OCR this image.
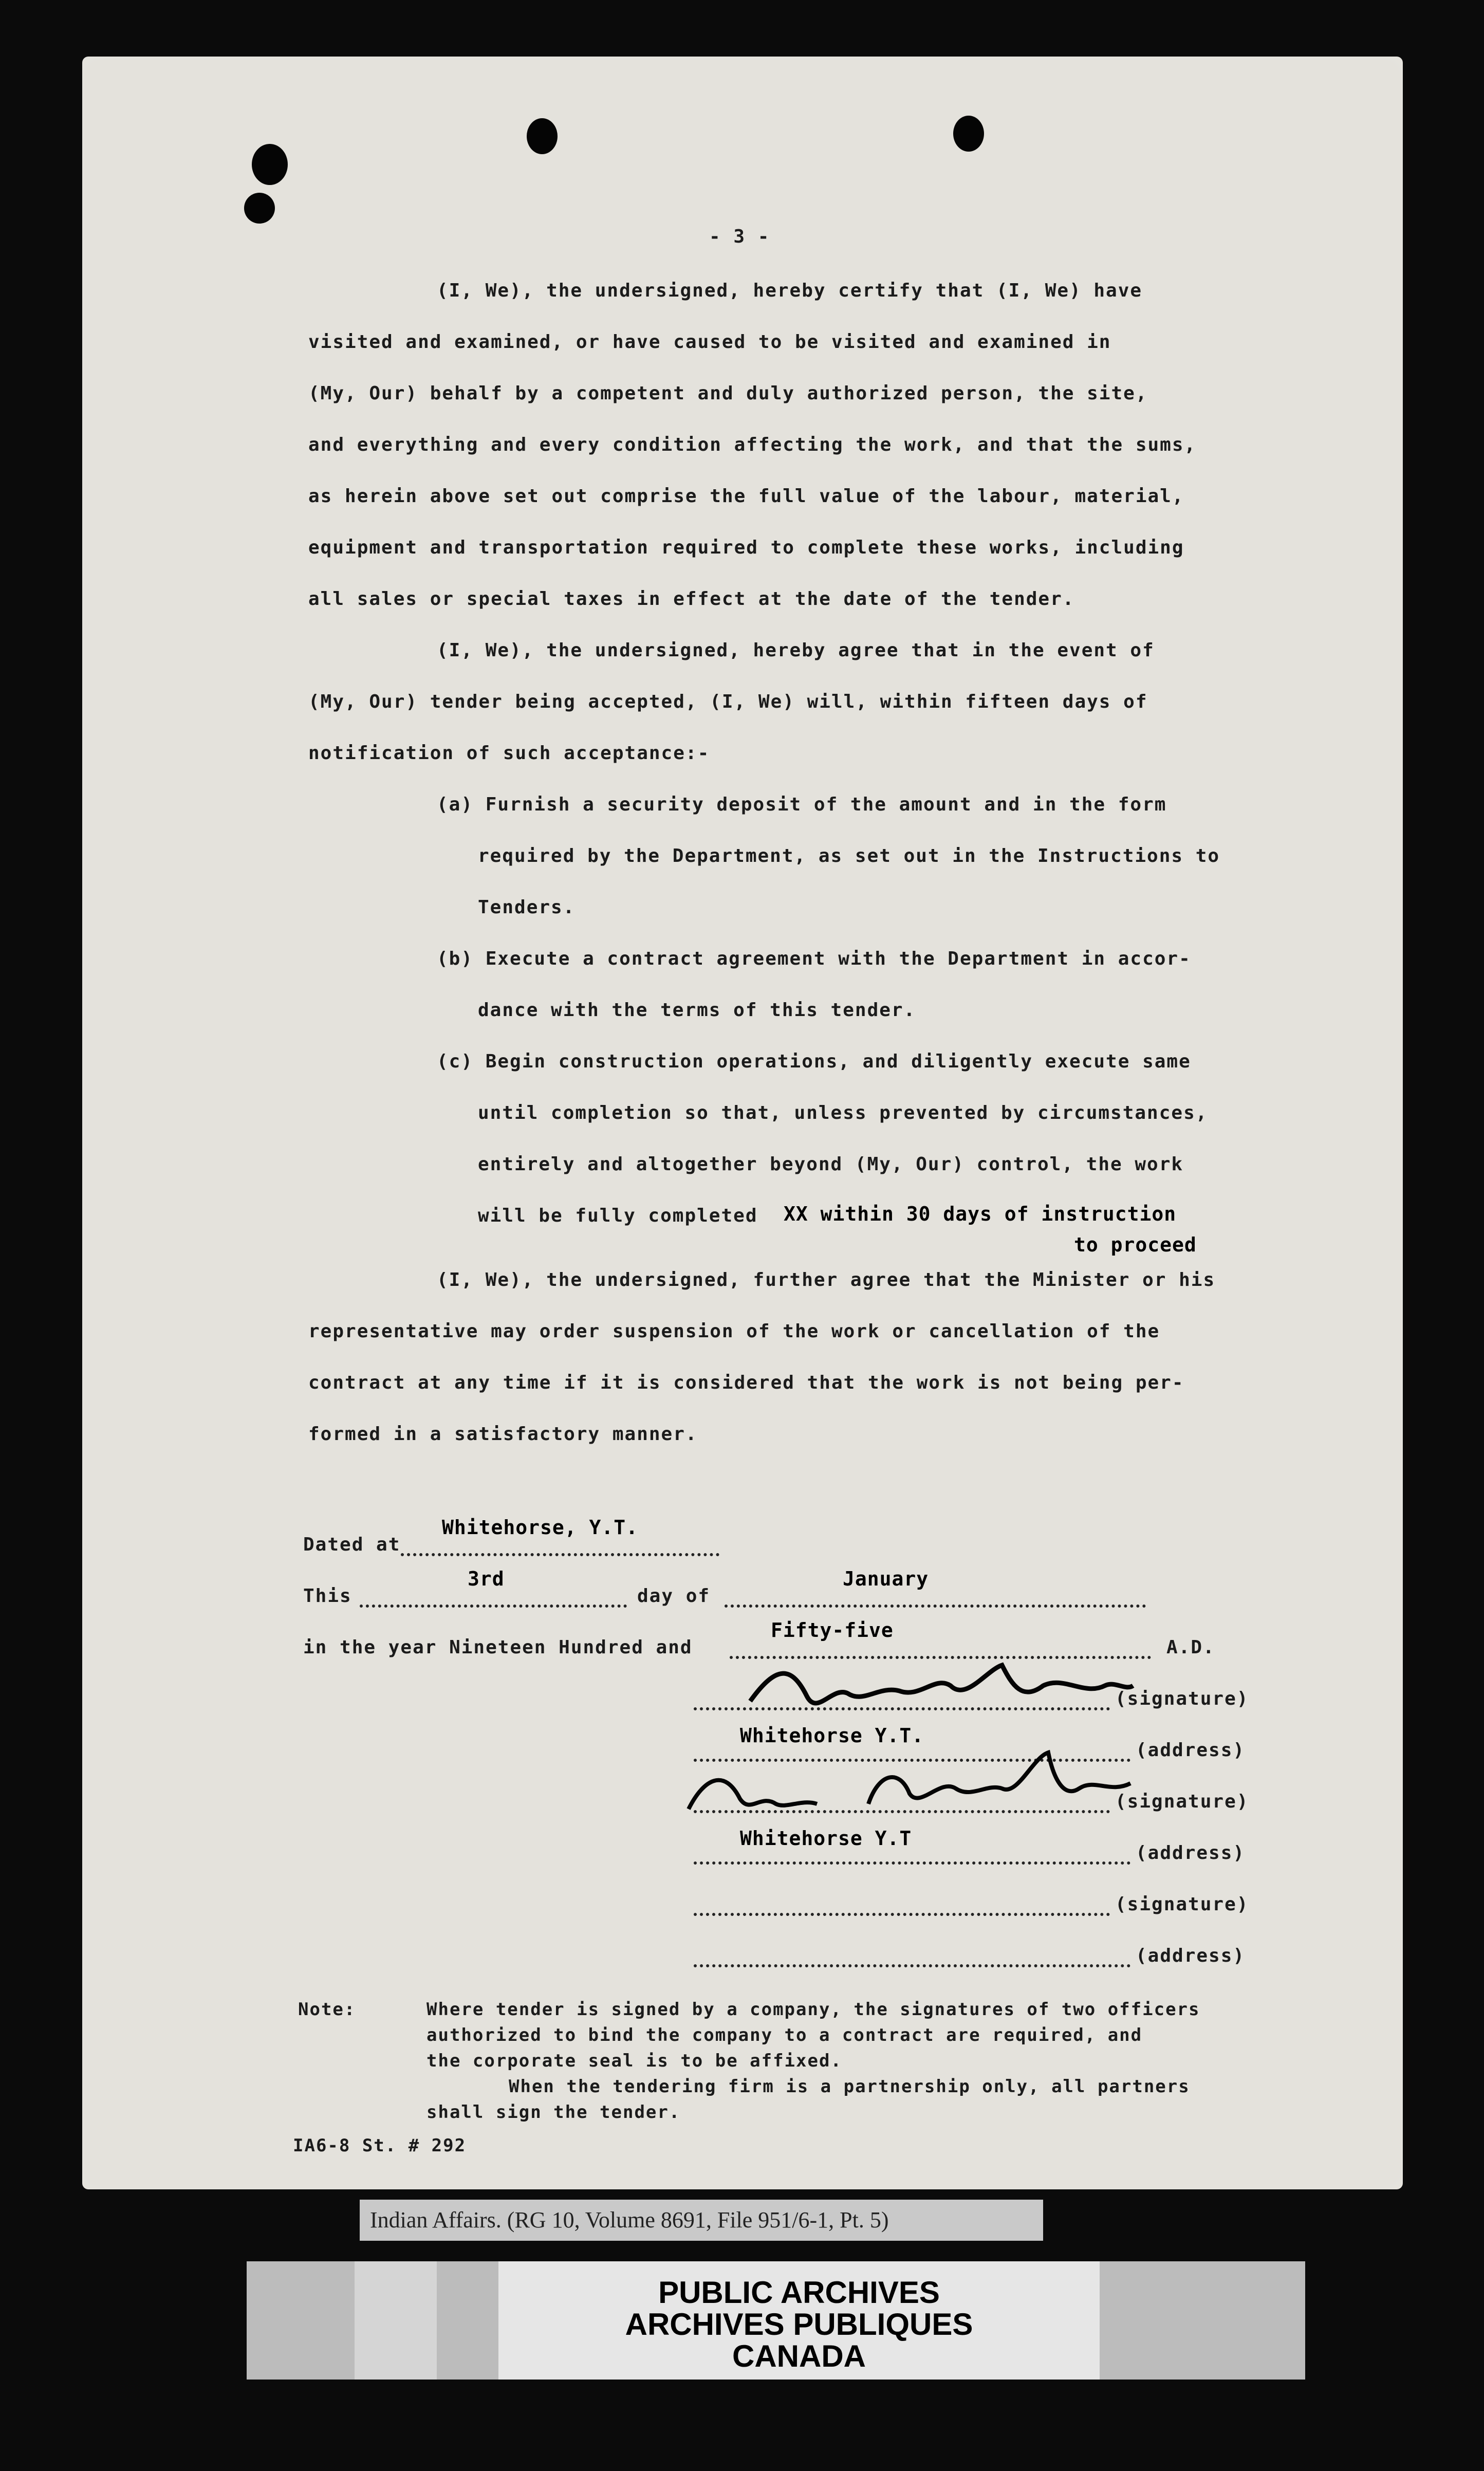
- 3 -
(I, We), the undersigned, hereby certify that (I, We) have
visited and examined, or have caused to be visited and examined in
(My, Our) behalf by a competent and duly authorized person, the site,
and everything and every condition affecting the work, and that the sums,
as herein above set out comprise the full value of the labour, material,
equipment and transportation required to complete these works, including
all sales or special taxes in effect at the date of the tender.
(I, We), the undersigned, hereby agree that in the event of
(My, Our) tender being accepted, (I, We) will, within fifteen days of
notification of such acceptance:-
(a) Furnish a security deposit of the amount and in the form
required by the Department, as set out in the Instructions to
Tenders.
(b) Execute a contract agreement with the Department in accor-
dance with the terms of this tender.
(c) Begin construction operations, and diligently execute same
until completion so that, unless prevented by circumstances,
entirely and altogether beyond (My, Our) control, the work
will be fully completed XX within 30 days of instruction
to proceed
(I, We), the undersigned, further agree that the Minister or his
representative may order suspension of the work or cancellation of the
contract at any time if it is considered that the work is not being per-
formed in a satisfactory manner.
Dated at
Whitehorse, Y.T.
This
3rd
day of
January
in the year Nineteen Hundred and
Fifty-five
A.D.
(signature)
Whitehorse Y.T.
(address)
(signature)
Whitehorse Y.T
(address)
(signature)
(address)
Note:	Where tender is signed by a company, the signatures of two officers
authorized to bind the company to a contract are required, and
the corporate seal is to be affixed.
When the tendering firm is a partnership only, all partners
shall sign the tender.
IA6-8 St. # 292
Indian Affairs. (RG 10, Volume 8691, File 951/6-1, Pt. 5)
PUBLIC ARCHIVES
ARCHIVES PUBLIQUES
CANADA
